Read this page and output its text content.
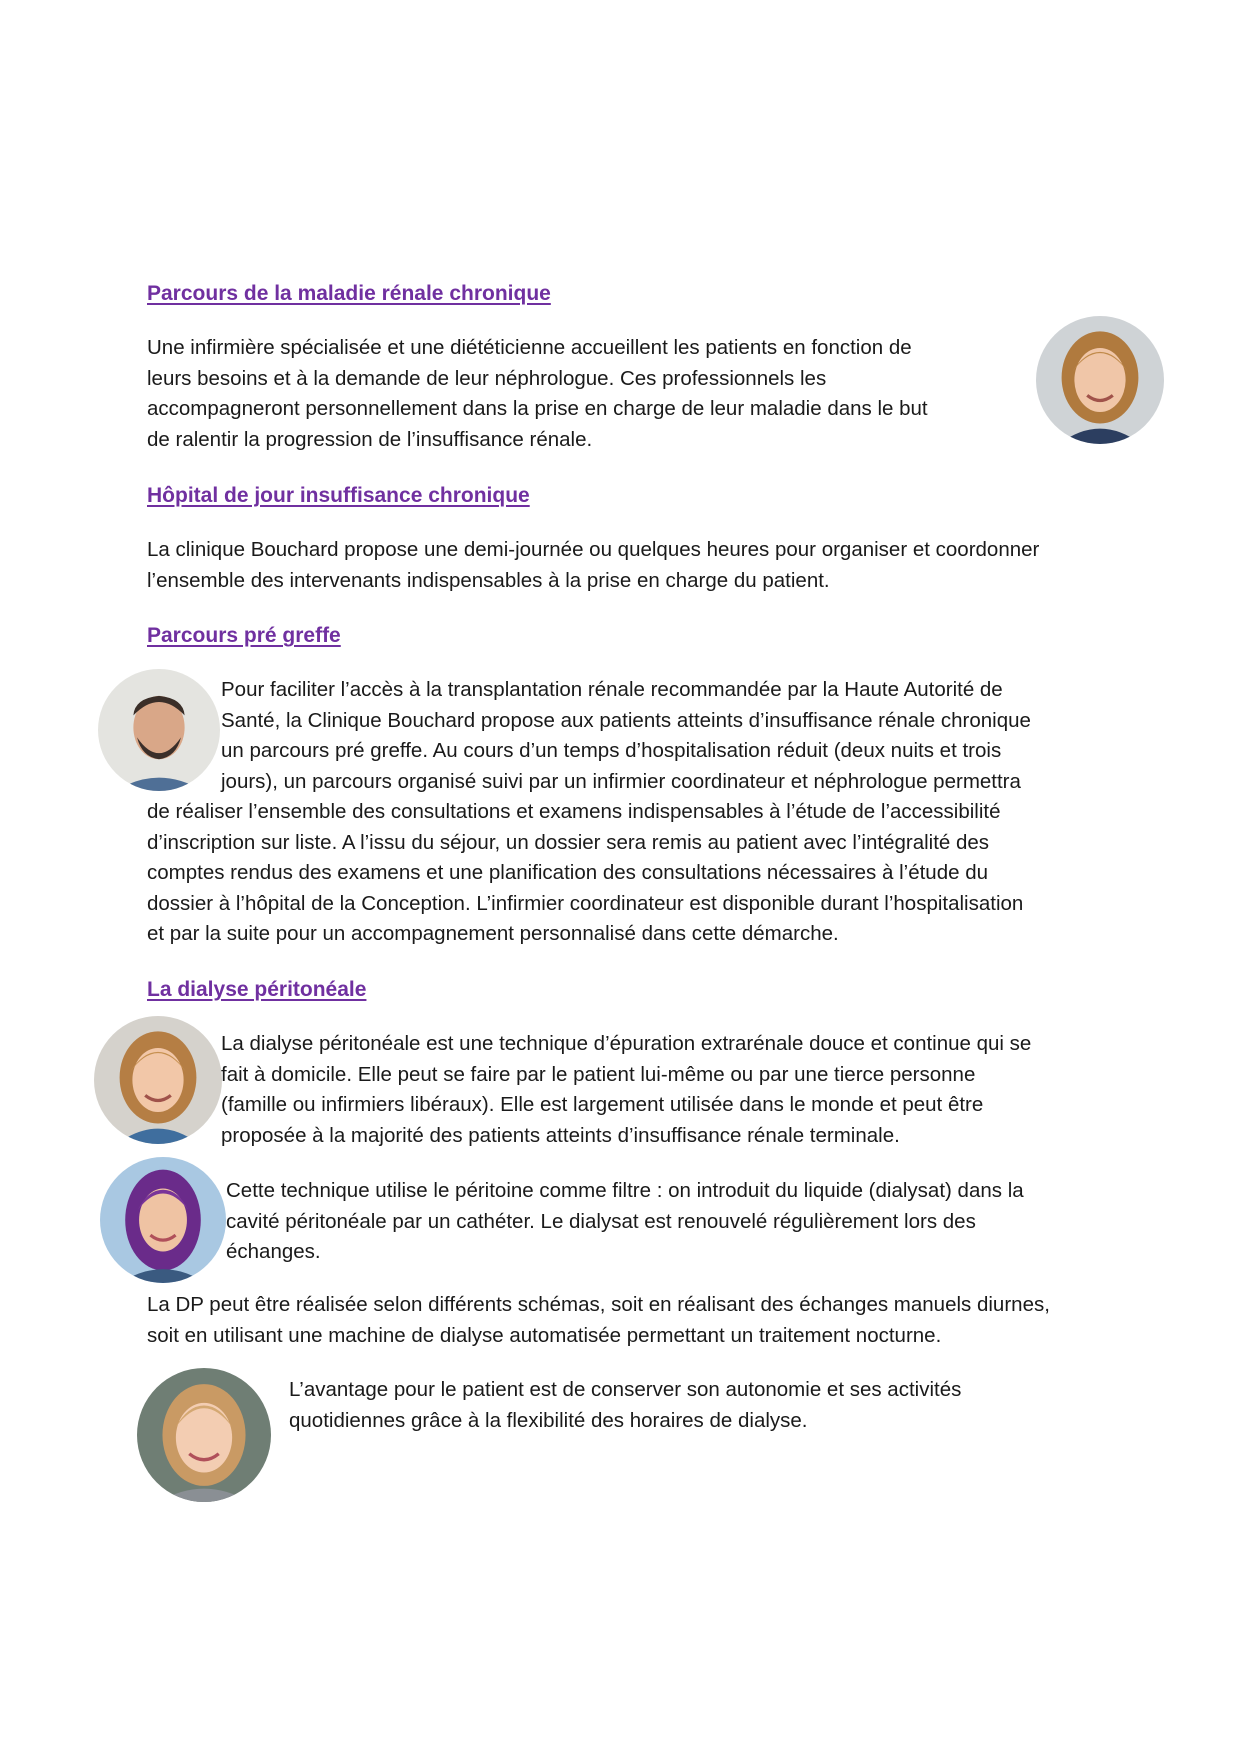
Parcours de la maladie rénale chronique

Une infirmière spécialisée et une diététicienne accueillent les patients en fonction de
leurs besoins et à la demande de leur néphrologue. Ces professionnels les
accompagneront personnellement dans la prise en charge de leur maladie dans le but
de ralentir la progression de l’insuffisance rénale.

Hôpital de jour insuffisance chronique

La clinique Bouchard propose une demi-journée ou quelques heures pour organiser et coordonner
l’ensemble des intervenants indispensables à la prise en charge du patient.

Parcours pré greffe

Pour faciliter l’accès à la transplantation rénale recommandée par la Haute Autorité de
Santé, la Clinique Bouchard propose aux patients atteints d’insuffisance rénale chronique
un parcours pré greffe. Au cours d’un temps d’hospitalisation réduit (deux nuits et trois
jours), un parcours organisé suivi par un infirmier coordinateur et néphrologue permettra
de réaliser l’ensemble des consultations et examens indispensables à l’étude de l’accessibilité
d’inscription sur liste. A l’issu du séjour, un dossier sera remis au patient avec l’intégralité des
comptes rendus des examens et une planification des consultations nécessaires à l’étude du
dossier à l’hôpital de la Conception. L’infirmier coordinateur est disponible durant l’hospitalisation
et par la suite pour un accompagnement personnalisé dans cette démarche.

La dialyse péritonéale

La dialyse péritonéale est une technique d’épuration extrarénale douce et continue qui se
fait à domicile. Elle peut se faire par le patient lui-même ou par une tierce personne
(famille ou infirmiers libéraux). Elle est largement utilisée dans le monde et peut être
proposée à la majorité des patients atteints d’insuffisance rénale terminale.

Cette technique utilise le péritoine comme filtre : on introduit du liquide (dialysat) dans la
cavité péritonéale par un cathéter. Le dialysat est renouvelé régulièrement lors des
échanges.

La DP peut être réalisée selon différents schémas, soit en réalisant des échanges manuels diurnes,
soit en utilisant une machine de dialyse automatisée permettant un traitement nocturne.

L’avantage pour le patient est de conserver son autonomie et ses activités
quotidiennes grâce à la flexibilité des horaires de dialyse.
